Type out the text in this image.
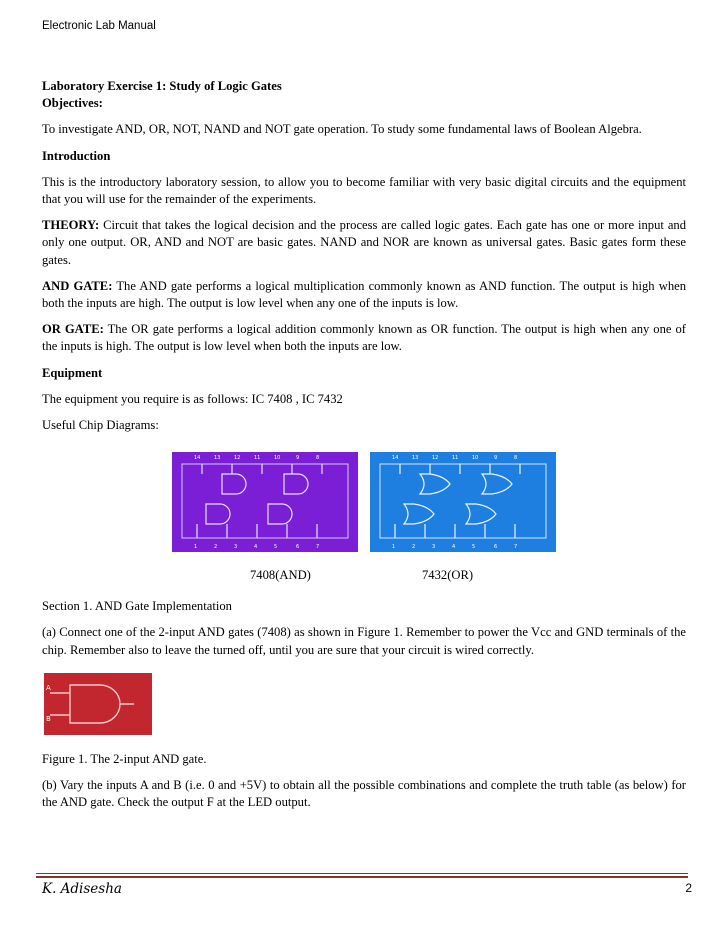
Electronic Lab Manual

Laboratory Exercise 1: Study of Logic Gates

Objectives:

To investigate AND, OR, NOT, NAND and NOT gate operation. To study some fundamental laws of Boolean Algebra.

Introduction

This is the introductory laboratory session, to allow you to become familiar with very basic digital circuits and the equipment that you will use for the remainder of the experiments.

THEORY: Circuit that takes the logical decision and the process are called logic gates. Each gate has one or more input and only one output. OR, AND and NOT are basic gates. NAND and NOR are known as universal gates. Basic gates form these gates.

AND GATE: The AND gate performs a logical multiplication commonly known as AND function. The output is high when both the inputs are high. The output is low level when any one of the inputs is low.

OR GATE: The OR gate performs a logical addition commonly known as OR function. The output is high when any one of the inputs is high. The output is low level when both the inputs are low.

Equipment

The equipment you require is as follows: IC 7408 , IC 7432

Useful Chip Diagrams:

14	13	12	11	10	9	8
1	2	3	4	5	6	7
14	13	12	11	10	9	8
1	2	3	4	5	6	7
7408(AND)	7432(OR)

Section 1. AND Gate Implementation

(a) Connect one of the 2-input AND gates (7408) as shown in Figure 1. Remember to power the Vcc and GND terminals of the chip. Remember also to leave the turned off, until you are sure that your circuit is wired correctly.

A
B

Figure 1. The 2-input AND gate.

(b) Vary the inputs A and B (i.e. 0 and +5V) to obtain all the possible combinations and complete the truth table (as below) for the AND gate. Check the output F at the LED output.

K. Adisesha	2
